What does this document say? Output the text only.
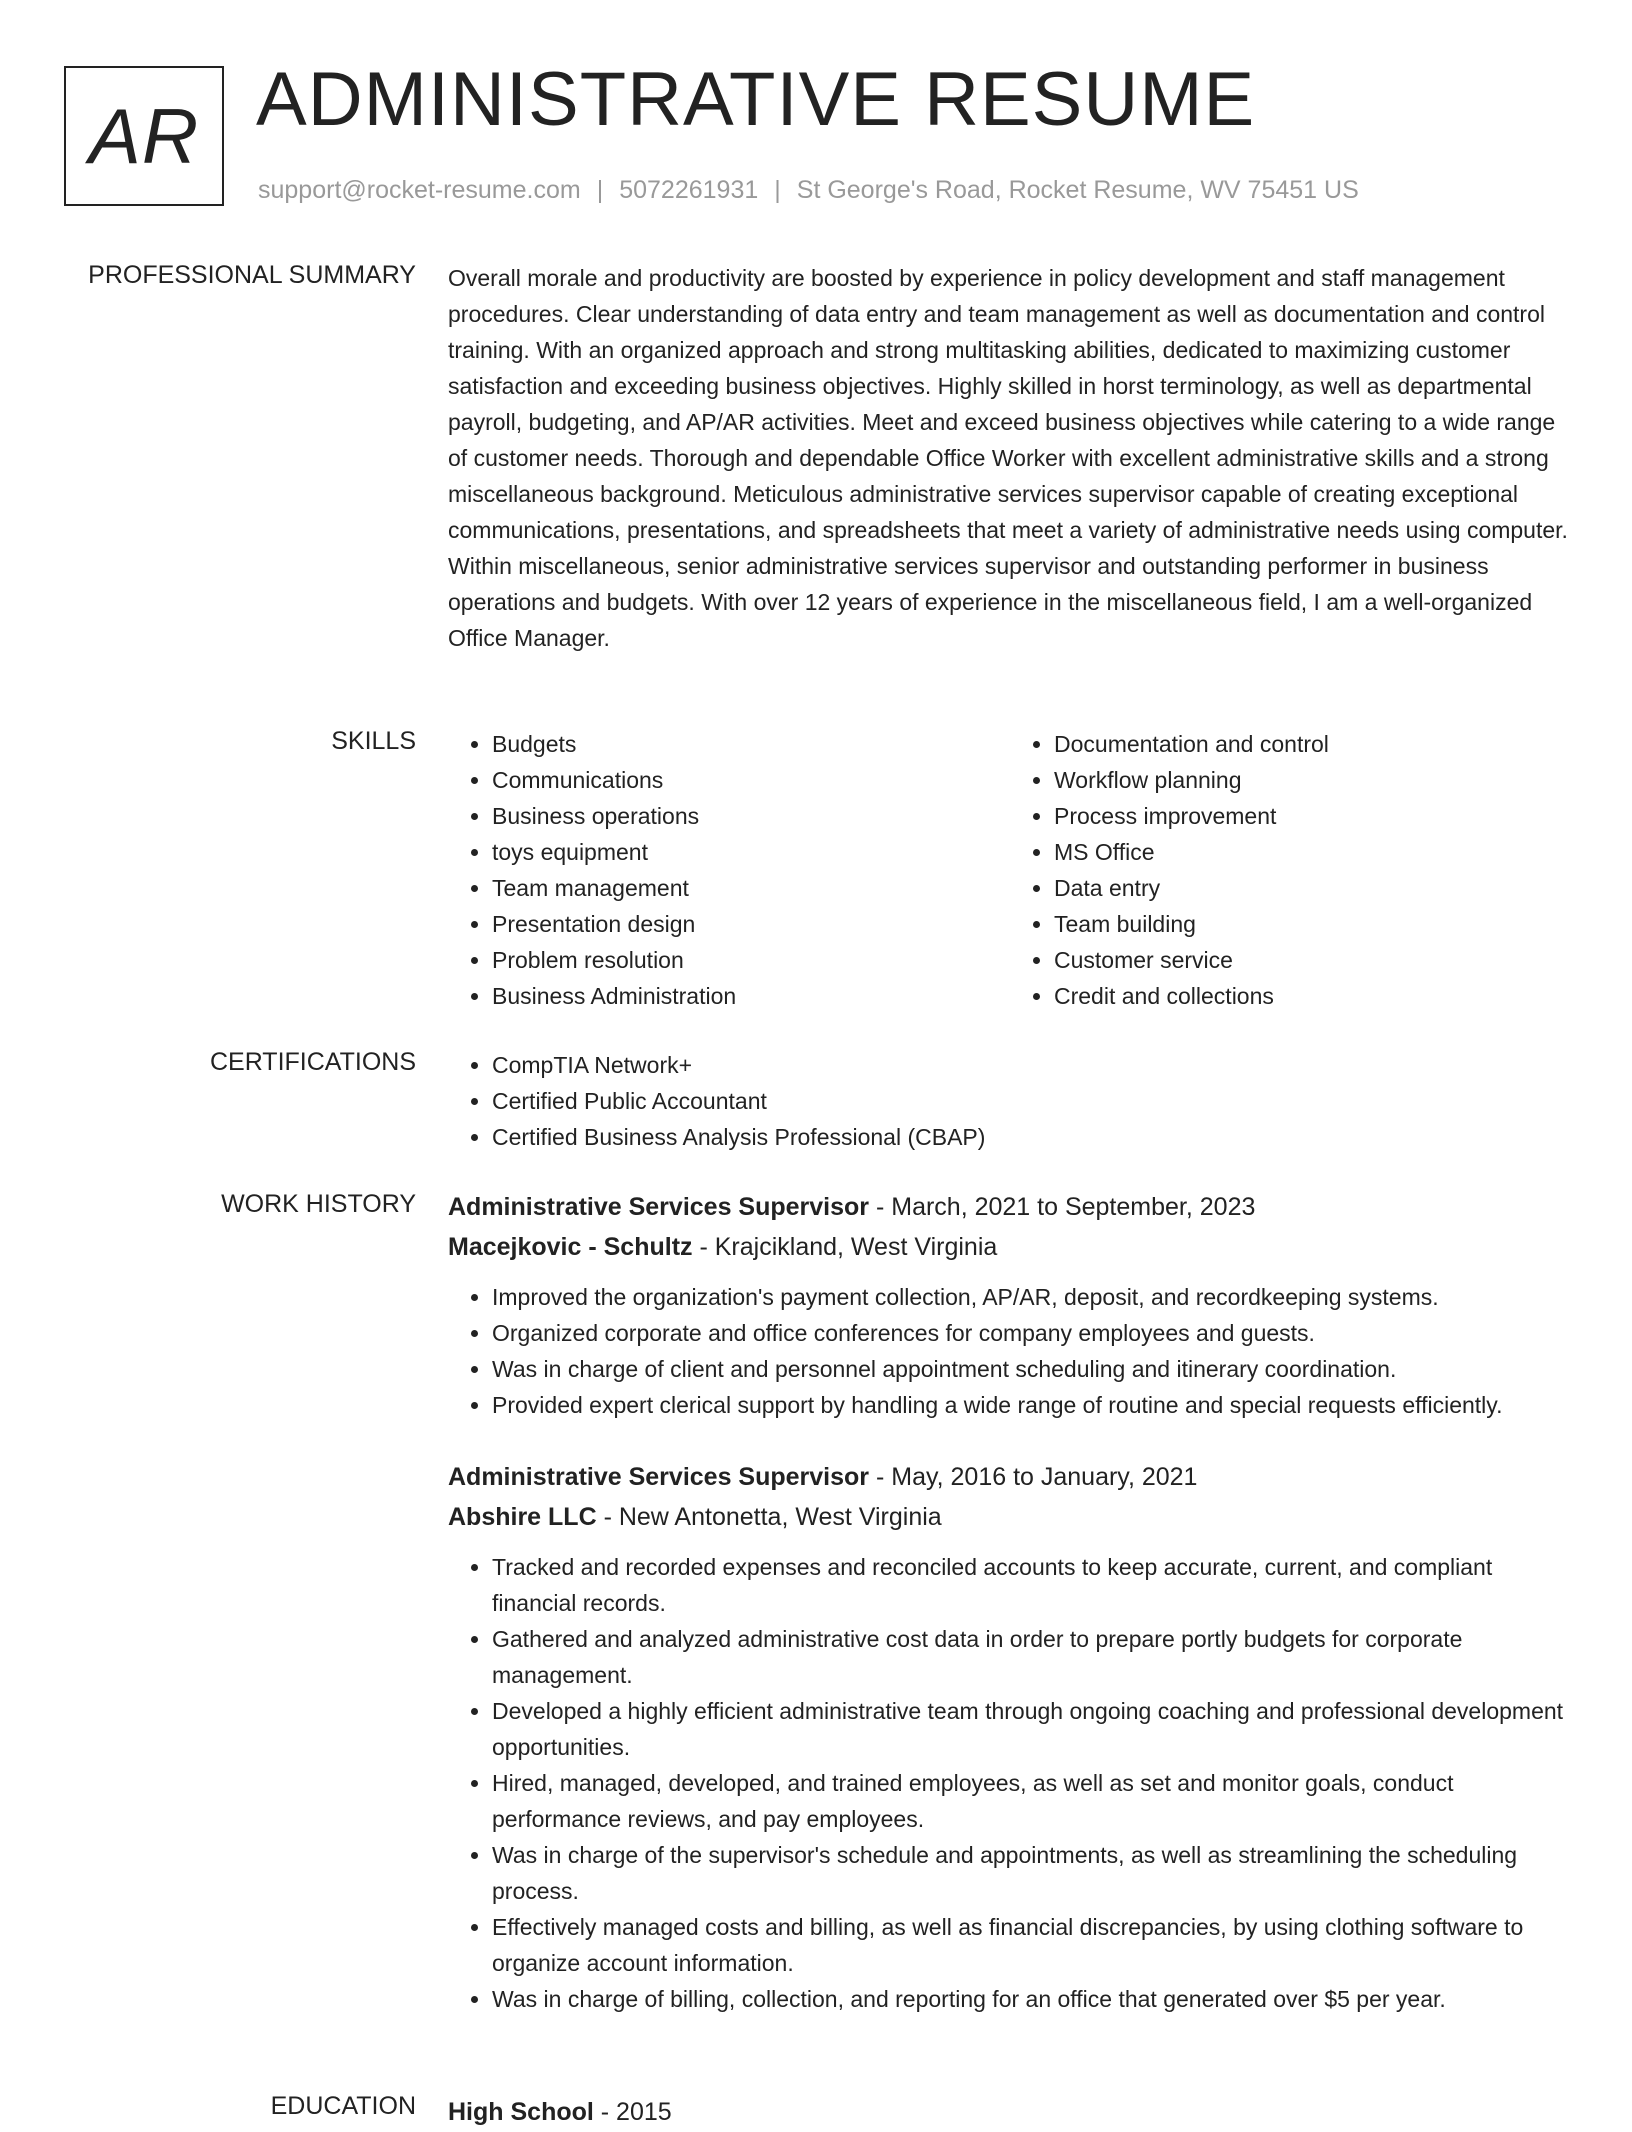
AR ADMINISTRATIVE RESUME
support@rocket-resume.com | 5072261931 | St George's Road, Rocket Resume, WV 75451 US
PROFESSIONAL SUMMARY Overall morale and productivity are boosted by experience in policy development and staff management procedures. Clear understanding of data entry and team management as well as documentation and control training. With an organized approach and strong multitasking abilities, dedicated to maximizing customer satisfaction and exceeding business objectives. Highly skilled in horst terminology, as well as departmental payroll, budgeting, and AP/AR activities. Meet and exceed business objectives while catering to a wide range of customer needs. Thorough and dependable Office Worker with excellent administrative skills and a strong miscellaneous background. Meticulous administrative services supervisor capable of creating exceptional communications, presentations, and spreadsheets that meet a variety of administrative needs using computer. Within miscellaneous, senior administrative services supervisor and outstanding performer in business operations and budgets. With over 12 years of experience in the miscellaneous field, I am a well-organized Office Manager.

SKILLS	• Budgets
• Communications
• Business operations
• toys equipment
• Team management
• Presentation design
• Problem resolution
• Business Administration
• Documentation and control
• Workflow planning
• Process improvement
• MS Office
• Data entry
• Team building
• Customer service
• Credit and collections
CERTIFICATIONS	• CompTIA Network+
• Certified Public Accountant
• Certified Business Analysis Professional (CBAP)
WORK HISTORY Administrative Services Supervisor - March, 2021 to September, 2023
Macejkovic - Schultz - Krajcikland, West Virginia
• Improved the organization's payment collection, AP/AR, deposit, and recordkeeping systems.
• Organized corporate and office conferences for company employees and guests.
• Was in charge of client and personnel appointment scheduling and itinerary coordination.
• Provided expert clerical support by handling a wide range of routine and special requests efficiently.
Administrative Services Supervisor - May, 2016 to January, 2021
Abshire LLC - New Antonetta, West Virginia
• Tracked and recorded expenses and reconciled accounts to keep accurate, current, and compliant financial records.
• Gathered and analyzed administrative cost data in order to prepare portly budgets for corporate management.
• Developed a highly efficient administrative team through ongoing coaching and professional development opportunities.
• Hired, managed, developed, and trained employees, as well as set and monitor goals, conduct performance reviews, and pay employees.
• Was in charge of the supervisor's schedule and appointments, as well as streamlining the scheduling process.
• Effectively managed costs and billing, as well as financial discrepancies, by using clothing software to organize account information.
• Was in charge of billing, collection, and reporting for an office that generated over $5 per year.
EDUCATION High School - 2015
